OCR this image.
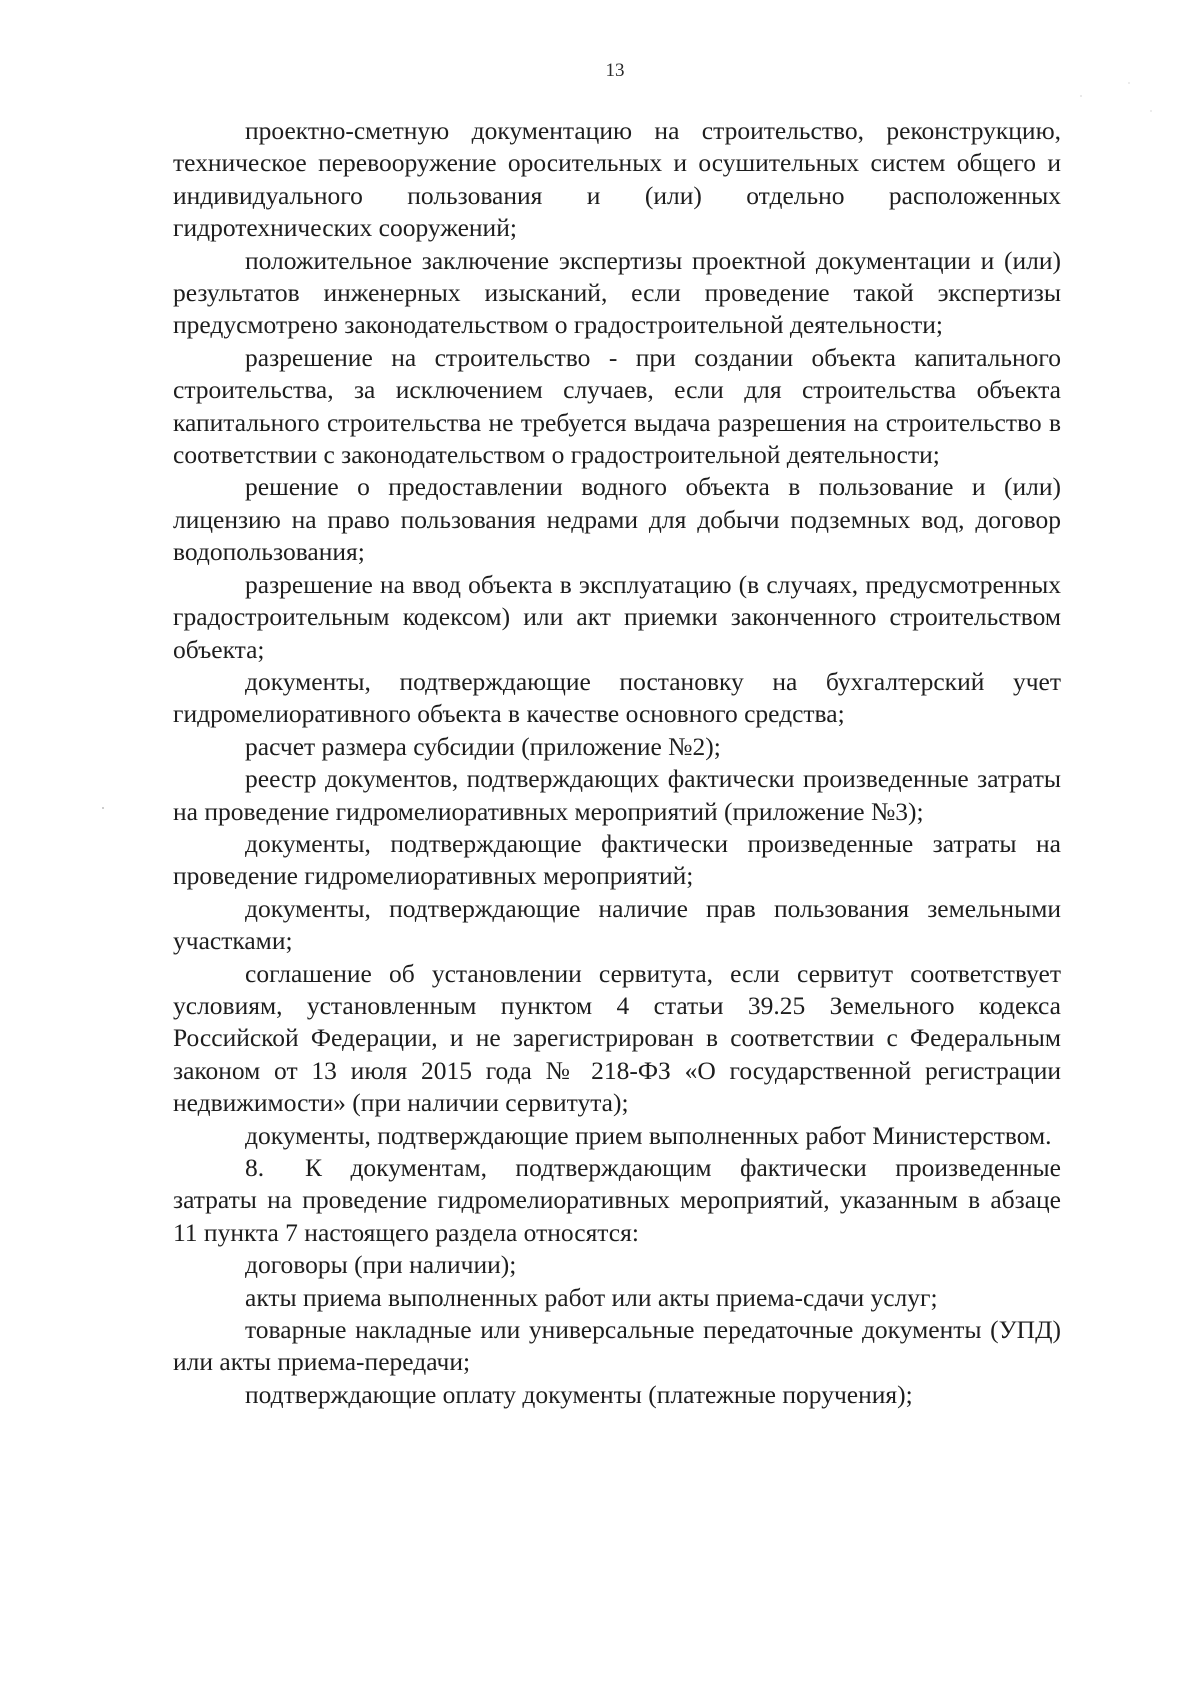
13

проектно-сметную документацию на строительство, реконструкцию, техническое перевооружение оросительных и осушительных систем общего и индивидуального пользования и (или) отдельно расположенных гидротехнических сооружений;

положительное заключение экспертизы проектной документации и (или) результатов инженерных изысканий, если проведение такой экспертизы предусмотрено законодательством о градостроительной деятельности;

разрешение на строительство - при создании объекта капитального строительства, за исключением случаев, если для строительства объекта капитального строительства не требуется выдача разрешения на строительство в соответствии с законодательством о градостроительной деятельности;

решение о предоставлении водного объекта в пользование и (или) лицензию на право пользования недрами для добычи подземных вод, договор водопользования;

разрешение на ввод объекта в эксплуатацию (в случаях, предусмотренных градостроительным кодексом) или акт приемки законченного строительством объекта;

документы, подтверждающие постановку на бухгалтерский учет гидромелиоративного объекта в качестве основного средства;

расчет размера субсидии (приложение №2);

реестр документов, подтверждающих фактически произведенные затраты на проведение гидромелиоративных мероприятий (приложение №3);

документы, подтверждающие фактически произведенные затраты на проведение гидромелиоративных мероприятий;

документы, подтверждающие наличие прав пользования земельными участками;

соглашение об установлении сервитута, если сервитут соответствует условиям, установленным пунктом 4 статьи 39.25 Земельного кодекса Российской Федерации, и не зарегистрирован в соответствии с Федеральным законом от 13 июля 2015 года № 218-ФЗ «О государственной регистрации недвижимости» (при наличии сервитута);

документы, подтверждающие прием выполненных работ Министерством.

8. К документам, подтверждающим фактически произведенные затраты на проведение гидромелиоративных мероприятий, указанным в абзаце 11 пункта 7 настоящего раздела относятся:

договоры (при наличии);

акты приема выполненных работ или акты приема-сдачи услуг;

товарные накладные или универсальные передаточные документы (УПД) или акты приема-передачи;

подтверждающие оплату документы (платежные поручения);
